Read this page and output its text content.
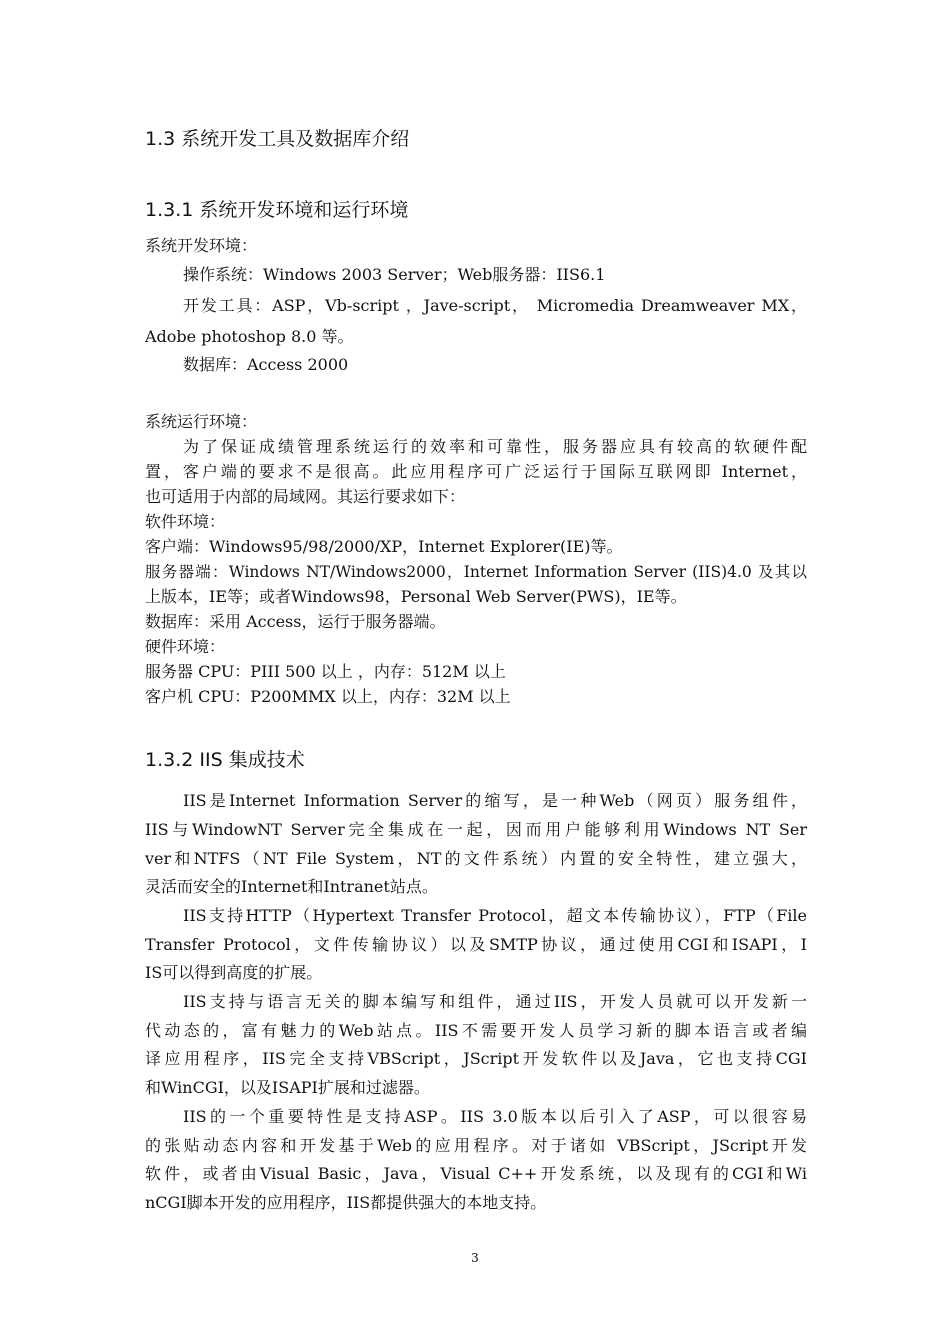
1.3 系统开发工具及数据库介绍
1.3.1 系统开发环境和运行环境

系统开发环境：

操作系统：Windows 2003 Server；Web服务器：IIS6.1

开发工具：ASP，Vb-script ，Jave-script， Micromedia Dreamweaver MX，

Adobe photoshop 8.0 等。

数据库：Access 2000

系统运行环境：

为了保证成绩管理系统运行的效率和可靠性，服务器应具有较高的软硬件配

置，客户端的要求不是很高。此应用程序可广泛运行于国际互联网即 Internet，

也可适用于内部的局域网。其运行要求如下：

软件环境：

客户端：Windows95/98/2000/XP，Internet Explorer(IE)等。

服务器端：Windows NT/Windows2000，Internet Information Server (IIS)4.0 及其以

上版本，IE等；或者Windows98，Personal Web Server(PWS)，IE等。

数据库：采用 Access，运行于服务器端。

硬件环境：

服务器 CPU：PIII 500 以上 ，内存：512M 以上

客户机 CPU：P200MMX 以上，内存：32M 以上

1.3.2 IIS 集成技术

IIS是Internet Information Server的缩写，是一种Web（网页）服务组件，

IIS与WindowNT Server完全集成在一起，因而用户能够利用Windows NT Ser

ver和NTFS（NT File System，NT的文件系统）内置的安全特性，建立强大，

灵活而安全的Internet和Intranet站点。

IIS支持HTTP（Hypertext Transfer Protocol，超文本传输协议），FTP（File

Transfer Protocol，文件传输协议）以及SMTP协议，通过使用CGI和ISAPI，I

IS可以得到高度的扩展。

IIS支持与语言无关的脚本编写和组件，通过IIS，开发人员就可以开发新一

代动态的，富有魅力的Web站点。IIS不需要开发人员学习新的脚本语言或者编

译应用程序，IIS完全支持VBScript，JScript开发软件以及Java，它也支持CGI

和WinCGI，以及ISAPI扩展和过滤器。

IIS的一个重要特性是支持ASP。IIS 3.0版本以后引入了ASP，可以很容易

的张贴动态内容和开发基于Web的应用程序。对于诸如 VBScript，JScript开发

软件，或者由Visual Basic，Java，Visual C++开发系统，以及现有的CGI和Wi

nCGI脚本开发的应用程序，IIS都提供强大的本地支持。

3
